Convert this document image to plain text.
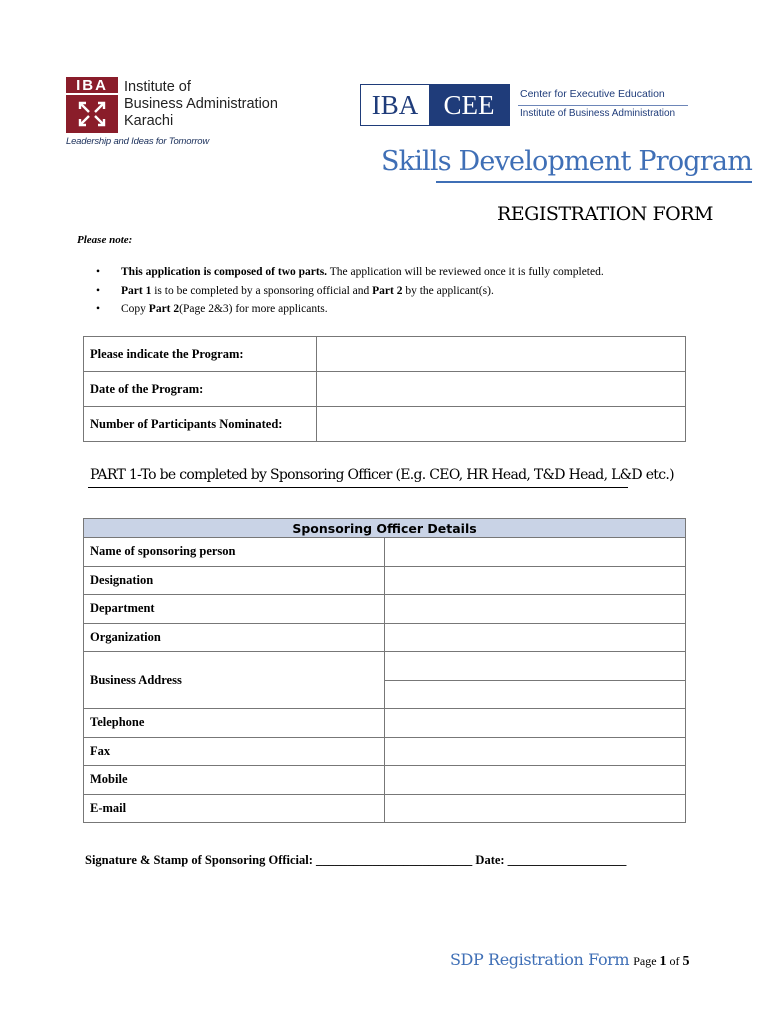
IBA	Institute of
Business Administration
Karachi
Leadership and Ideas for Tomorrow
IBA CEE	Center for Executive Education
Institute of Business Administration
Skills Development Program
REGISTRATION FORM
Please note:
• This application is composed of two parts. The application will be reviewed once it is fully completed.
• Part 1 is to be completed by a sponsoring official and Part 2 by the applicant(s).
• Copy Part 2(Page 2&3) for more applicants.
Please indicate the Program:	
Date of the Program:	
Number of Participants Nominated:	
PART 1-To be completed by Sponsoring Officer (E.g. CEO, HR Head, T&D Head, L&D etc.)
Sponsoring Officer Details	
Name of sponsoring person	
Designation	
Department	
Organization	
Business Address	

Telephone	
Fax	
Mobile	
E-mail	
Signature & Stamp of Sponsoring Official: _________________________ Date: ___________________
SDP Registration Form Page 1 of 5
